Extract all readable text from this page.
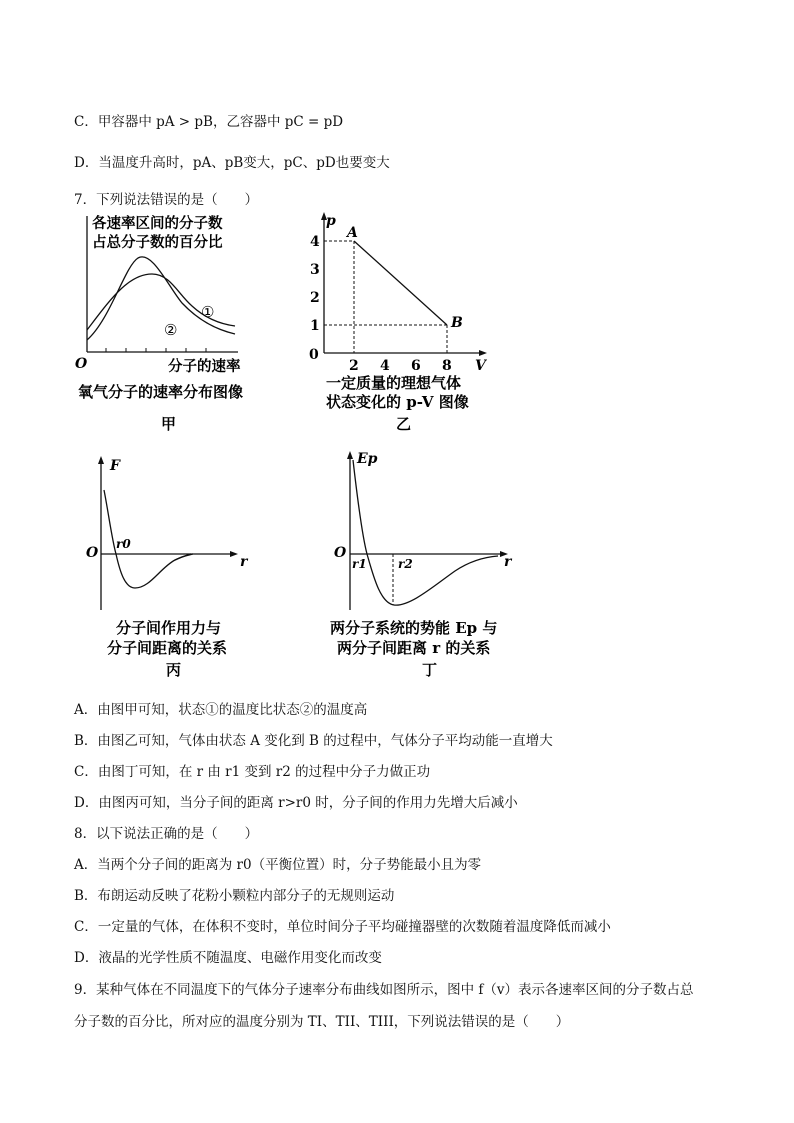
C．甲容器中 pA > pB，乙容器中 pC = pD
D．当温度升高时，pA、pB变大，pC、pD也要变大
7．下列说法错误的是（　　）
各速率区间的分子数
占总分子数的百分比
①
②
O	分子的速率
氧气分子的速率分布图像
甲
p
V
0
1
2
3
4
2 4 6 8
A
B
一定质量的理想气体
状态变化的 p-V 图像
乙
F
O
r0
r
分子间作用力与
分子间距离的关系
丙
Ep
O
r1	r2	r
两分子系统的势能 Ep 与
两分子间距离 r 的关系
丁
A．由图甲可知，状态①的温度比状态②的温度高
B．由图乙可知，气体由状态 A 变化到 B 的过程中，气体分子平均动能一直增大
C．由图丁可知，在 r 由 r1 变到 r2 的过程中分子力做正功
D．由图丙可知，当分子间的距离 r>r0 时，分子间的作用力先增大后减小
8．以下说法正确的是（　　）
A．当两个分子间的距离为 r0（平衡位置）时，分子势能最小且为零
B．布朗运动反映了花粉小颗粒内部分子的无规则运动
C．一定量的气体，在体积不变时，单位时间分子平均碰撞器壁的次数随着温度降低而减小
D．液晶的光学性质不随温度、电磁作用变化而改变
9．某种气体在不同温度下的气体分子速率分布曲线如图所示，图中 f（v）表示各速率区间的分子数占总
分子数的百分比，所对应的温度分别为 TI、TII、TIII，下列说法错误的是（　　）
